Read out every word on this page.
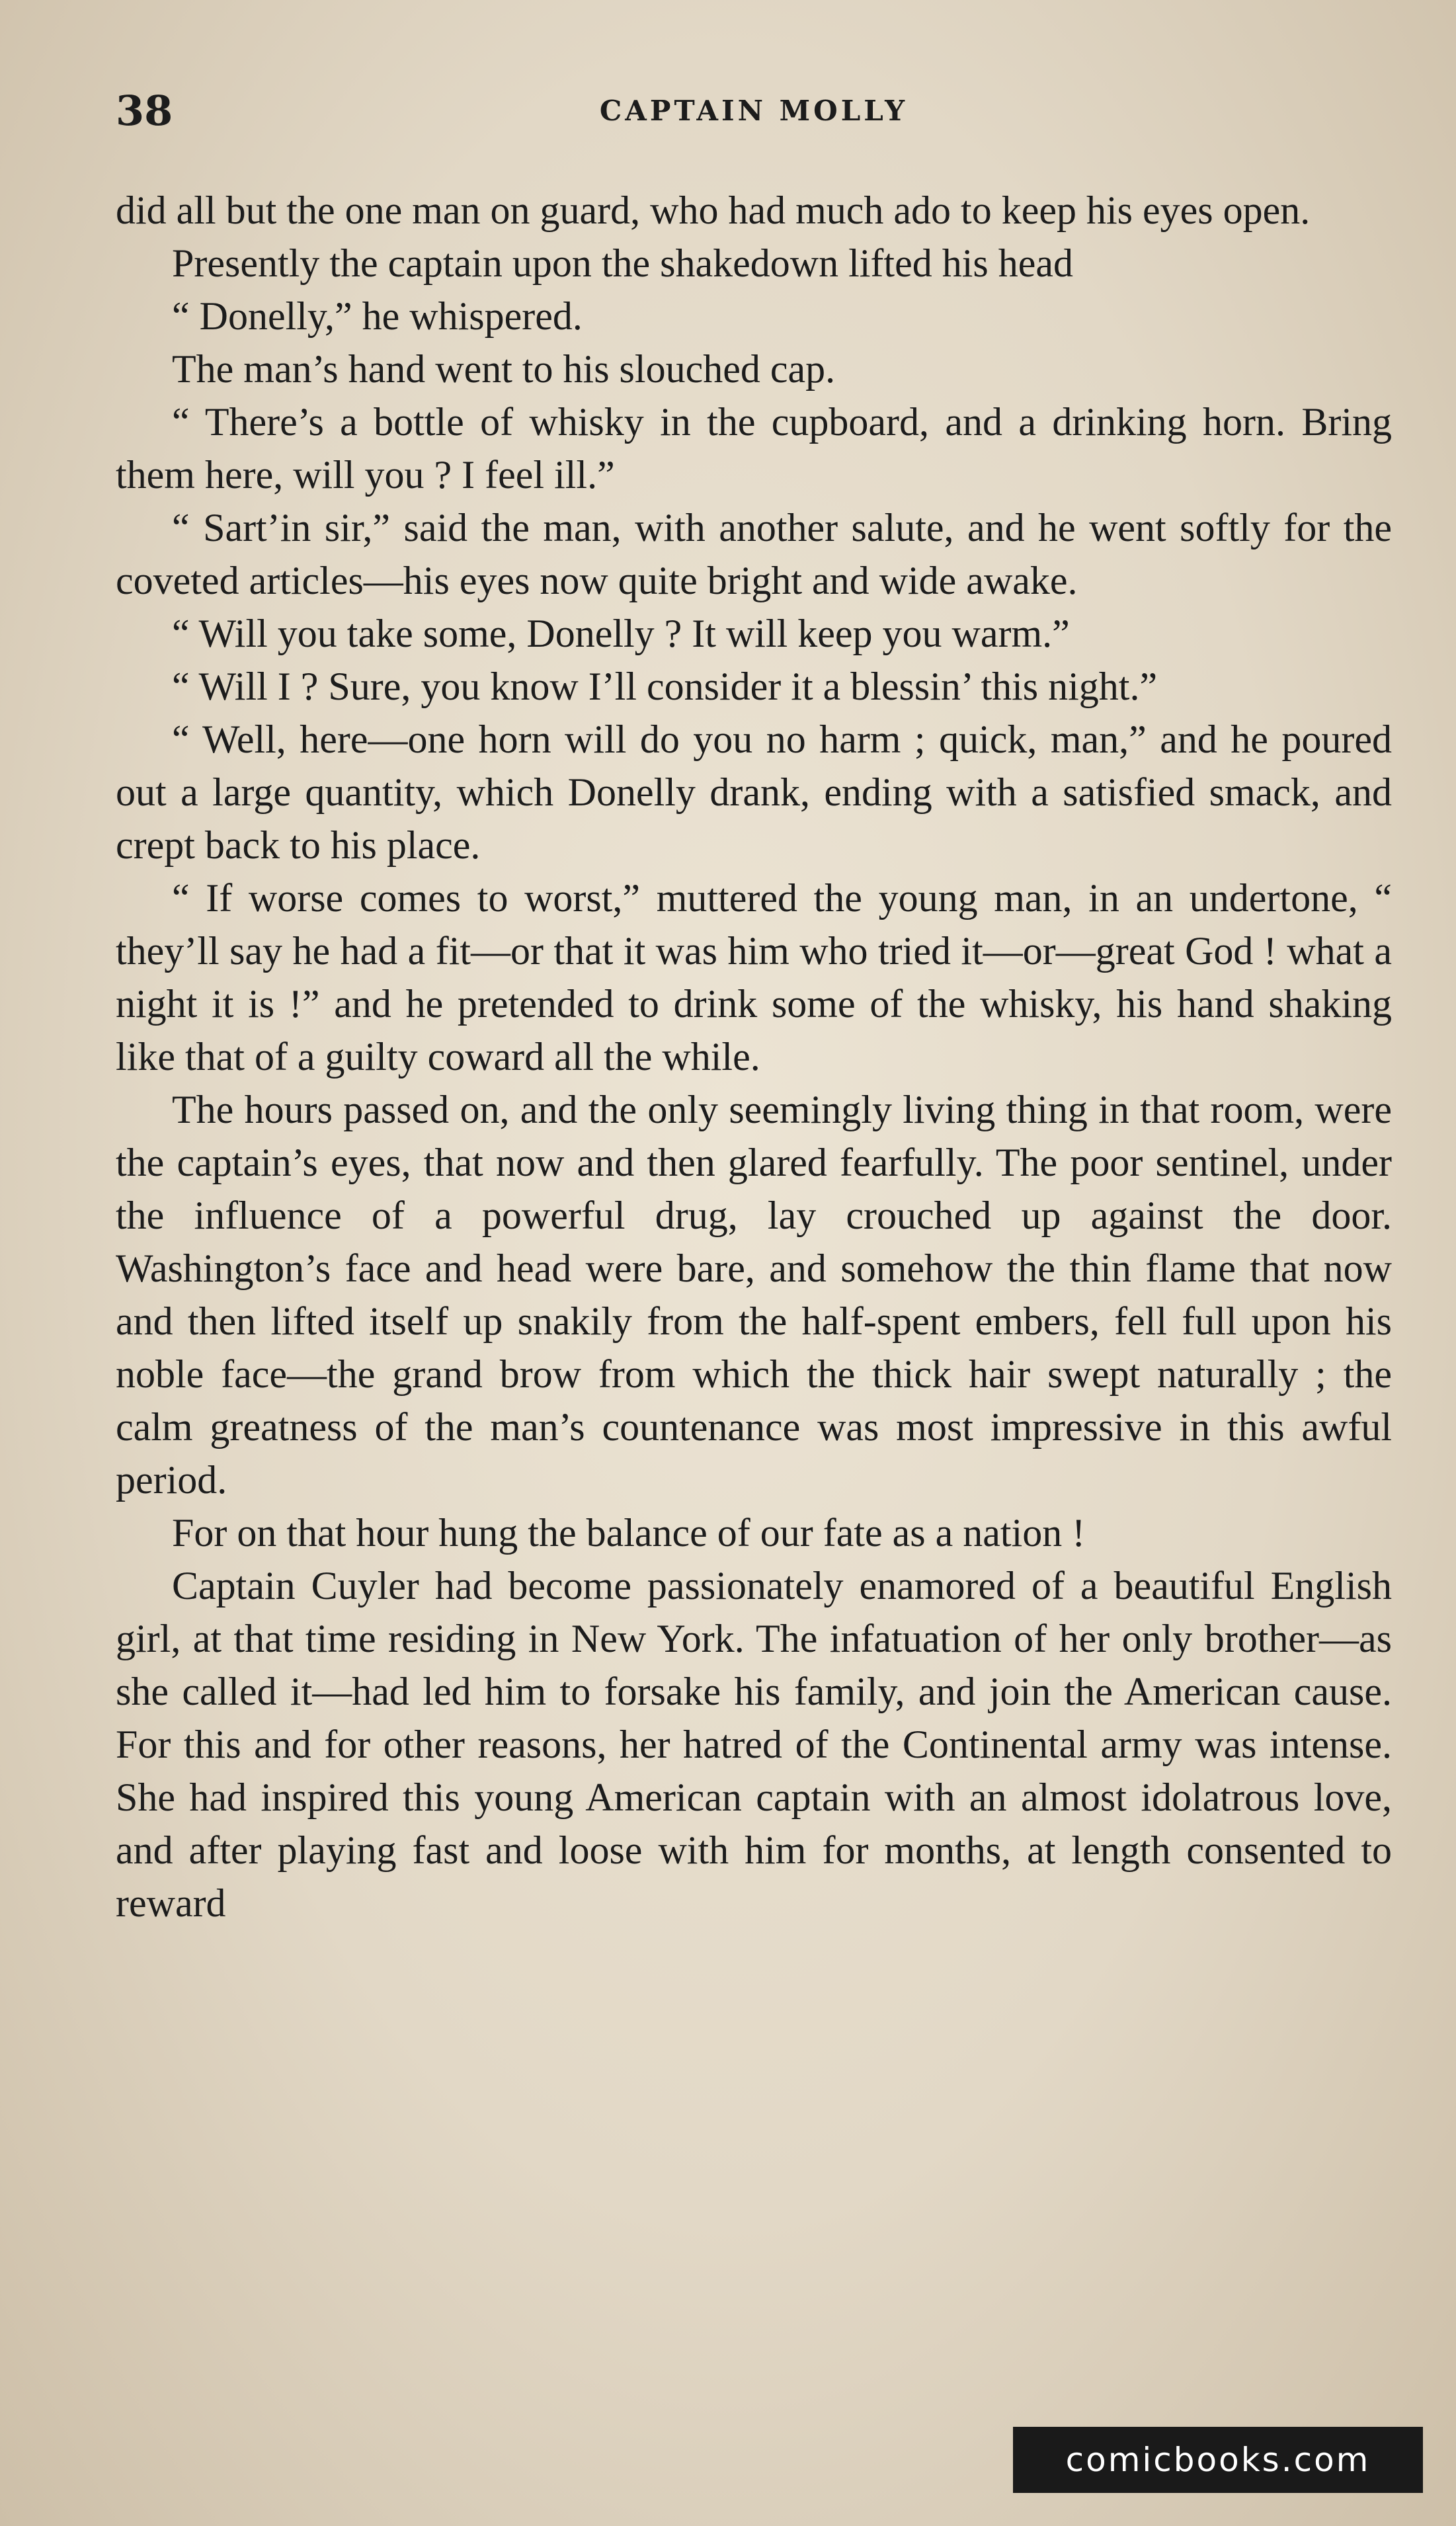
38	CAPTAIN MOLLY

did all but the one man on guard, who had much ado to keep his eyes open.

Presently the captain upon the shakedown lifted his head

“ Donelly,” he whispered.

The man’s hand went to his slouched cap.

“ There’s a bottle of whisky in the cupboard, and a drinking horn. Bring them here, will you ? I feel ill.”

“ Sart’in sir,” said the man, with another salute, and he went softly for the coveted articles—his eyes now quite bright and wide awake.

“ Will you take some, Donelly ? It will keep you warm.”

“ Will I ? Sure, you know I’ll consider it a blessin’ this night.”

“ Well, here—one horn will do you no harm ; quick, man,” and he poured out a large quantity, which Donelly drank, ending with a satisfied smack, and crept back to his place.

“ If worse comes to worst,” muttered the young man, in an undertone, “ they’ll say he had a fit—or that it was him who tried it—or—great God ! what a night it is !” and he pretended to drink some of the whisky, his hand shaking like that of a guilty coward all the while.

The hours passed on, and the only seemingly living thing in that room, were the captain’s eyes, that now and then glared fearfully. The poor sentinel, under the influence of a powerful drug, lay crouched up against the door. Washington’s face and head were bare, and somehow the thin flame that now and then lifted itself up snakily from the half-spent embers, fell full upon his noble face—the grand brow from which the thick hair swept naturally ; the calm greatness of the man’s countenance was most impressive in this awful period.

For on that hour hung the balance of our fate as a nation !

Captain Cuyler had become passionately enamored of a beautiful English girl, at that time residing in New York. The infatuation of her only brother—as she called it—had led him to forsake his family, and join the American cause. For this and for other reasons, her hatred of the Continental army was intense. She had inspired this young American captain with an almost idolatrous love, and after playing fast and loose with him for months, at length consented to reward

comicbooks.com
